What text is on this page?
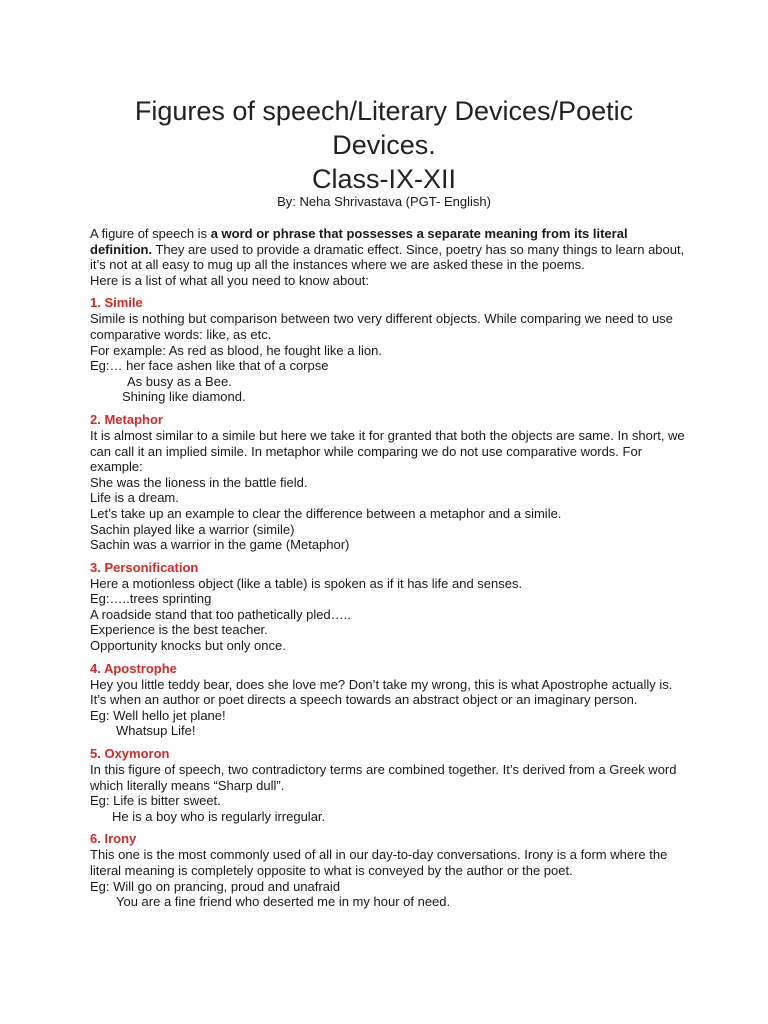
Figures of speech/Literary Devices/Poetic
Devices.
Class-IX-XII
By: Neha Shrivastava (PGT- English)

A figure of speech is a word or phrase that possesses a separate meaning from its literal definition. They are used to provide a dramatic effect. Since, poetry has so many things to learn about, it’s not at all easy to mug up all the instances where we are asked these in the poems.
Here is a list of what all you need to know about:

1. Simile

Simile is nothing but comparison between two very different objects. While comparing we need to use comparative words: like, as etc.

For example: As red as blood, he fought like a lion.

Eg:… her face ashen like that of a corpse

As busy as a Bee.

Shining like diamond.

2. Metaphor

It is almost similar to a simile but here we take it for granted that both the objects are same. In short, we can call it an implied simile. In metaphor while comparing we do not use comparative words. For example:

She was the lioness in the battle field.

Life is a dream.

Let’s take up an example to clear the difference between a metaphor and a simile.

Sachin played like a warrior (simile)

Sachin was a warrior in the game (Metaphor)

3. Personification

Here a motionless object (like a table) is spoken as if it has life and senses.

Eg:…..trees sprinting

A roadside stand that too pathetically pled…..

Experience is the best teacher.

Opportunity knocks but only once.

4. Apostrophe

Hey you little teddy bear, does she love me? Don’t take my wrong, this is what Apostrophe actually is. It’s when an author or poet directs a speech towards an abstract object or an imaginary person.

Eg: Well hello jet plane!

Whatsup Life!

5. Oxymoron

In this figure of speech, two contradictory terms are combined together. It’s derived from a Greek word which literally means “Sharp dull”.

Eg: Life is bitter sweet.

He is a boy who is regularly irregular.

6. Irony

This one is the most commonly used of all in our day-to-day conversations. Irony is a form where the literal meaning is completely opposite to what is conveyed by the author or the poet.

Eg: Will go on prancing, proud and unafraid

You are a fine friend who deserted me in my hour of need.
